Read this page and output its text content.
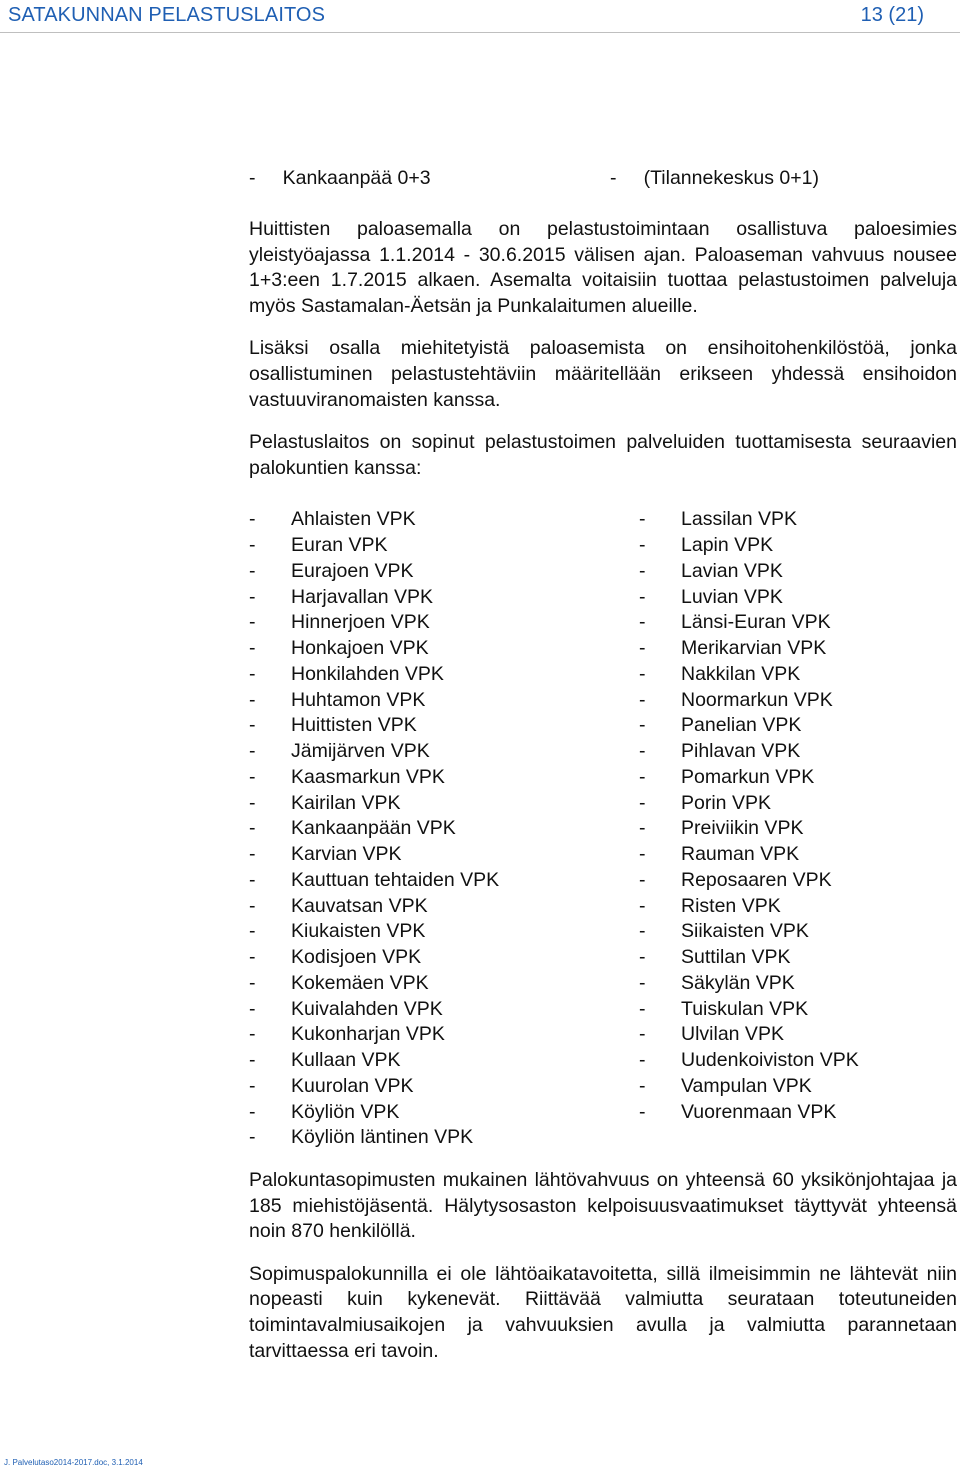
SATAKUNNAN PELASTUSLAITOS	13 (21)
- Kankaanpää 0+3	- (Tilannekeskus 0+1)

Huittisten paloasemalla on pelastustoimintaan osallistuva paloesimies yleistyöajassa 1.1.2014 - 30.6.2015 välisen ajan. Paloaseman vahvuus nousee 1+3:een 1.7.2015 alkaen. Asemalta voitaisiin tuottaa pelastustoimen palveluja myös Sastamalan-Äetsän ja Punkalaitumen alueille.

Lisäksi osalla miehitetyistä paloasemista on ensihoitohenkilöstöä, jonka osallistuminen pelastustehtäviin määritellään erikseen yhdessä ensihoidon vastuuviranomaisten kanssa.

Pelastuslaitos on sopinut pelastustoimen palveluiden tuottamisesta seuraavien palokuntien kanssa:

- Ahlaisten VPK
- Euran VPK
- Eurajoen VPK
- Harjavallan VPK
- Hinnerjoen VPK
- Honkajoen VPK
- Honkilahden VPK
- Huhtamon VPK
- Huittisten VPK
- Jämijärven VPK
- Kaasmarkun VPK
- Kairilan VPK
- Kankaanpään VPK
- Karvian VPK
- Kauttuan tehtaiden VPK
- Kauvatsan VPK
- Kiukaisten VPK
- Kodisjoen VPK
- Kokemäen VPK
- Kuivalahden VPK
- Kukonharjan VPK
- Kullaan VPK
- Kuurolan VPK
- Köyliön VPK
- Köyliön läntinen VPK
- Lassilan VPK
- Lapin VPK
- Lavian VPK
- Luvian VPK
- Länsi-Euran VPK
- Merikarvian VPK
- Nakkilan VPK
- Noormarkun VPK
- Panelian VPK
- Pihlavan VPK
- Pomarkun VPK
- Porin VPK
- Preiviikin VPK
- Rauman VPK
- Reposaaren VPK
- Risten VPK
- Siikaisten VPK
- Suttilan VPK
- Säkylän VPK
- Tuiskulan VPK
- Ulvilan VPK
- Uudenkoiviston VPK
- Vampulan VPK
- Vuorenmaan VPK

Palokuntasopimusten mukainen lähtövahvuus on yhteensä 60 yksikönjohtajaa ja 185 miehistöjäsentä. Hälytysosaston kelpoisuusvaatimukset täyttyvät yhteensä noin 870 henkilöllä.

Sopimuspalokunnilla ei ole lähtöaikatavoitetta, sillä ilmeisimmin ne lähtevät niin nopeasti kuin kykenevät. Riittävää valmiutta seurataan toteutuneiden toimintavalmiusaikojen ja vahvuuksien avulla ja valmiutta parannetaan tarvittaessa eri tavoin.

J. Palvelutaso2014-2017.doc, 3.1.2014
